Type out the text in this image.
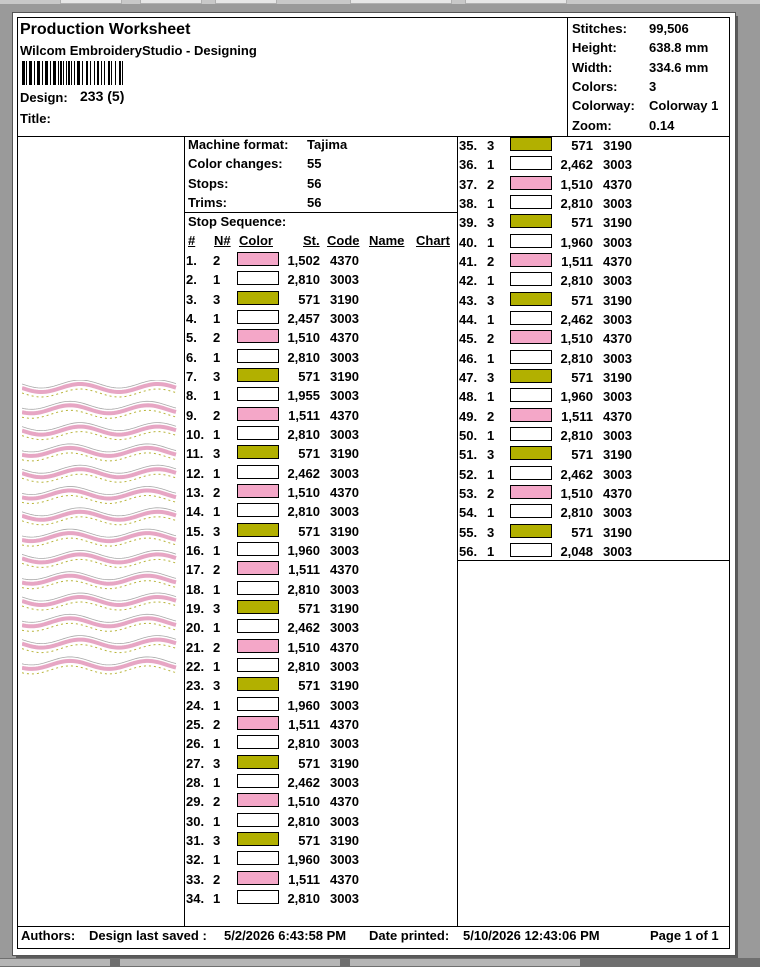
Production Worksheet
Wilcom EmbroideryStudio - Designing
Design: 233 (5)
Title:
Stitches: 99,506
Height: 638.8 mm
Width:	334.6 mm
Colors: 3
Colorway: Colorway 1
Zoom:	0.14
Machine format: Tajima
Color changes: 55
Stops:	56
Trims:	56
Stop Sequence:
# N# Color St. Code Name Chart
1. 2	1,502 4370
2. 1	2,810 3003
3. 3	571 3190
4. 1	2,457 3003
5. 2	1,510 4370
6. 1	2,810 3003
7. 3	571 3190
8. 1	1,955 3003
9. 2	1,511 4370
10. 1	2,810 3003
11. 3	571 3190
12. 1	2,462 3003
13. 2	1,510 4370
14. 1	2,810 3003
15. 3	571 3190
16. 1	1,960 3003
17. 2	1,511 4370
18. 1	2,810 3003
19. 3	571 3190
20. 1	2,462 3003
21. 2	1,510 4370
22. 1	2,810 3003
23. 3	571 3190
24. 1	1,960 3003
25. 2	1,511 4370
26. 1	2,810 3003
27. 3	571 3190
28. 1	2,462 3003
29. 2	1,510 4370
30. 1	2,810 3003
31. 3	571 3190
32. 1	1,960 3003
33. 2	1,511 4370
34. 1	2,810 3003
35. 3	571 3190
36. 1	2,462 3003
37. 2	1,510 4370
38. 1	2,810 3003
39. 3	571 3190
40. 1	1,960 3003
41. 2	1,511 4370
42. 1	2,810 3003
43. 3	571 3190
44. 1	2,462 3003
45. 2	1,510 4370
46. 1	2,810 3003
47. 3	571 3190
48. 1	1,960 3003
49. 2	1,511 4370
50. 1	2,810 3003
51. 3	571 3190
52. 1	2,462 3003
53. 2	1,510 4370
54. 1	2,810 3003
55. 3	571 3190
56. 1	2,048 3003
Authors: Design last saved : 5/2/2026 6:43:58 PM Date printed: 5/10/2026 12:43:06 PM	Page 1 of 1
